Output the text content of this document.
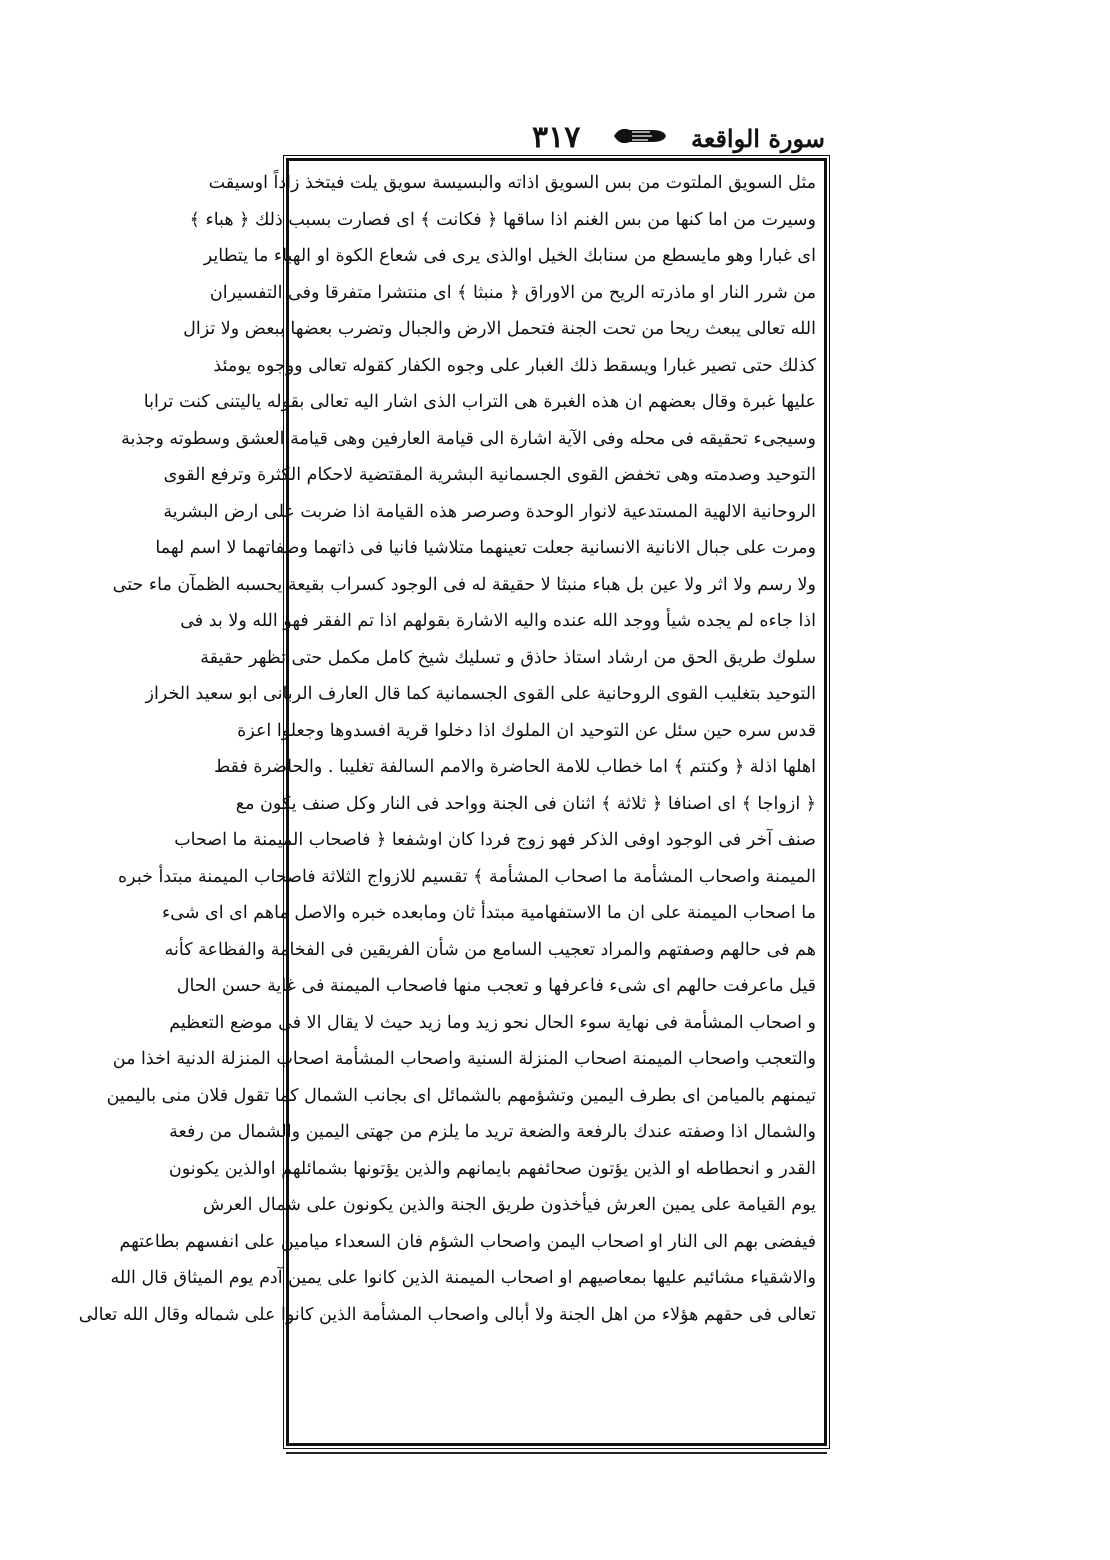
سورة الواقعة
٣١٧
مثل السويق الملتوت من بس السويق اذاته والبسيسة سويق يلت فيتخذ زاداً اوسيقت
وسيرت من اما كنها من بس الغنم اذا ساقها ﴿ فكانت ﴾ اى فصارت بسبب ذلك ﴿ هباء ﴾
اى غبارا وهو مايسطع من سنابك الخيل اوالذى يرى فى شعاع الكوة او الهباء ما يتطاير
من شرر النار او ماذرته الريح من الاوراق ﴿ منبثا ﴾ اى منتشرا متفرقا وفى التفسيران
الله تعالى يبعث ريحا من تحت الجنة فتحمل الارض والجبال وتضرب بعضها ببعض ولا تزال
كذلك حتى تصير غبارا ويسقط ذلك الغبار على وجوه الكفار كقوله تعالى ووجوه يومئذ
عليها غبرة وقال بعضهم ان هذه الغبرة هى التراب الذى اشار اليه تعالى بقوله ياليتنى كنت ترابا
وسيجىء تحقيقه فى محله وفى الآية اشارة الى قيامة العارفين وهى قيامة العشق وسطوته وجذبة
التوحيد وصدمته وهى تخفض القوى الجسمانية البشرية المقتضية لاحكام الكثرة وترفع القوى
الروحانية الالهية المستدعية لانوار الوحدة وصرصر هذه القيامة اذا ضربت على ارض البشرية
ومرت على جبال الانانية الانسانية جعلت تعينهما متلاشيا فانيا فى ذاتهما وصفاتهما لا اسم لهما
ولا رسم ولا اثر ولا عين بل هباء منبثا لا حقيقة له فى الوجود كسراب بقيعة يحسبه الظمآن ماء حتى
اذا جاءه لم يجده شيأ ووجد الله عنده واليه الاشارة بقولهم اذا تم الفقر فهو الله ولا بد فى
سلوك طريق الحق من ارشاد استاذ حاذق و تسليك شيخ كامل مكمل حتى تظهر حقيقة
التوحيد بتغليب القوى الروحانية على القوى الجسمانية كما قال العارف الربانى ابو سعيد الخراز
قدس سره حين سئل عن التوحيد ان الملوك اذا دخلوا قرية افسدوها وجعلوا اعزة
اهلها اذلة ﴿ وكنتم ﴾ اما خطاب للامة الحاضرة والامم السالفة تغليبا . والحاضرة فقط
﴿ ازواجا ﴾ اى اصنافا ﴿ ثلاثة ﴾ اثنان فى الجنة وواحد فى النار وكل صنف يكون مع
صنف آخر فى الوجود اوفى الذكر فهو زوج فردا كان اوشفعا ﴿ فاصحاب الميمنة ما اصحاب
الميمنة واصحاب المشأمة ما اصحاب المشأمة ﴾ تقسيم للازواج الثلاثة فاصحاب الميمنة مبتدأ خبره
ما اصحاب الميمنة على ان ما الاستفهامية مبتدأ ثان ومابعده خبره والاصل ماهم اى اى شىء
هم فى حالهم وصفتهم والمراد تعجيب السامع من شأن الفريقين فى الفخامة والفظاعة كأنه
قيل ماعرفت حالهم اى شىء فاعرفها و تعجب منها فاصحاب الميمنة فى غاية حسن الحال
و اصحاب المشأمة فى نهاية سوء الحال نحو زيد وما زيد حيث لا يقال الا فى موضع التعظيم
والتعجب واصحاب الميمنة اصحاب المنزلة السنية واصحاب المشأمة اصحاب المنزلة الدنية اخذا من
تيمنهم بالميامن اى بطرف اليمين وتشؤمهم بالشمائل اى بجانب الشمال كما تقول فلان منى باليمين
والشمال اذا وصفته عندك بالرفعة والضعة تريد ما يلزم من جهتى اليمين والشمال من رفعة
القدر و انحطاطه او الذين يؤتون صحائفهم بايمانهم والذين يؤتونها بشمائلهم اوالذين يكونون
يوم القيامة على يمين العرش فيأخذون طريق الجنة والذين يكونون على شمال العرش
فيفضى بهم الى النار او اصحاب اليمن واصحاب الشؤم فان السعداء ميامين على انفسهم بطاعتهم
والاشقياء مشائيم عليها بمعاصيهم او اصحاب الميمنة الذين كانوا على يمين آدم يوم الميثاق قال الله
تعالى فى حقهم هؤلاء من اهل الجنة ولا أبالى واصحاب المشأمة الذين كانوا على شماله وقال الله تعالى
